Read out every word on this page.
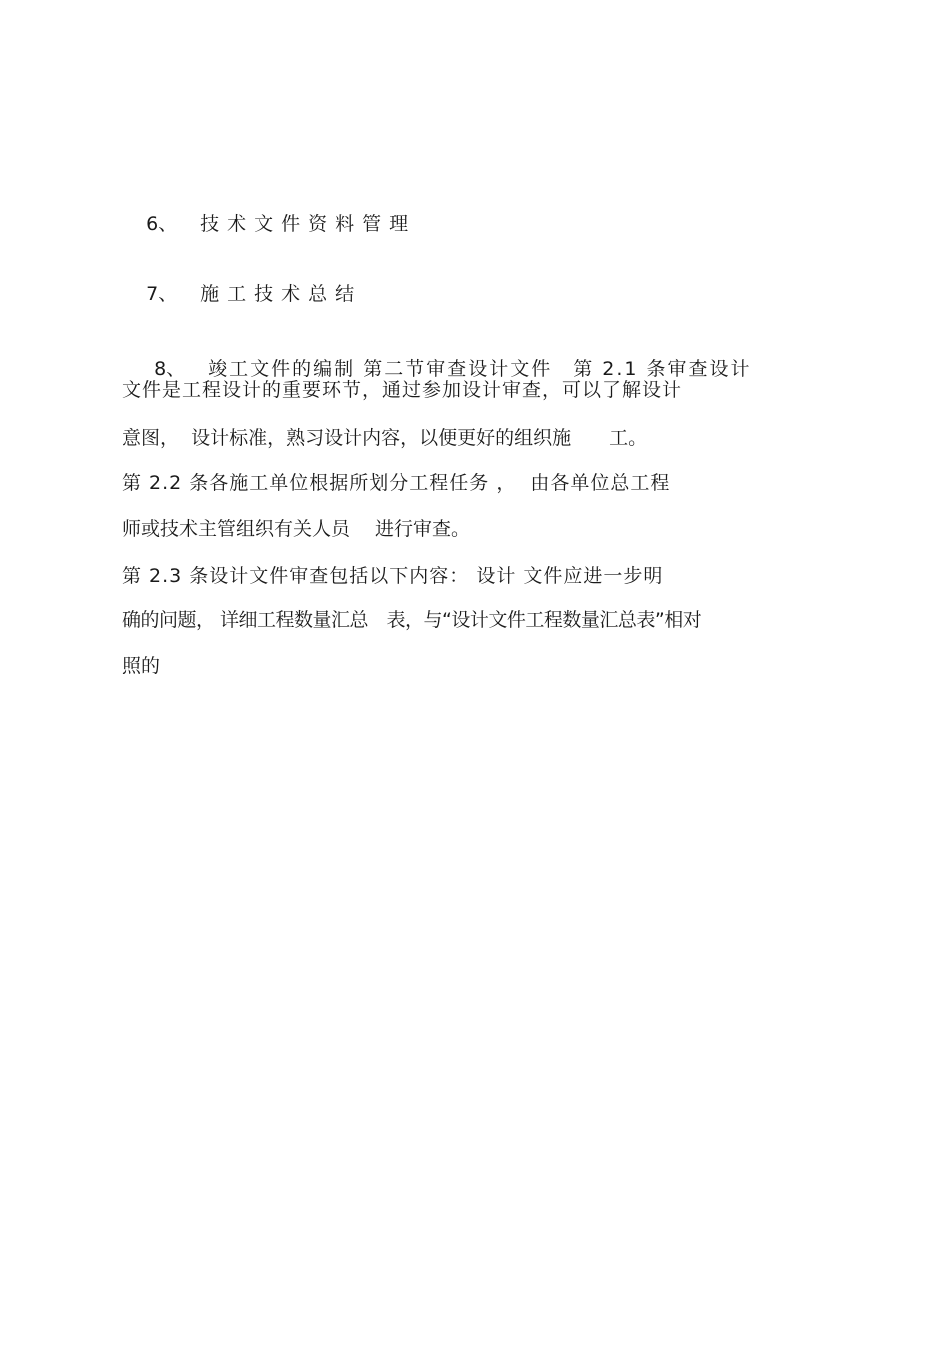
6、 技术文件资料管理

7、 施工技术总结

8、 竣工文件的编制 第二节审查设计文件　第 2.1 条审查设计

文件是工程设计的重要环节，通过参加设计审查，可以了解设计
意图，  设计标准，熟习设计内容，以便更好的组织施　　工。
第 2.2 条各施工单位根据所划分工程任务 ，  由各单位总工程
师或技术主管组织有关人员　 进行审查。
第 2.3 条设计文件审查包括以下内容： 设计 文件应进一步明
确的问题， 详细工程数量汇总　表，与“设计文件工程数量汇总表”相对
照的
